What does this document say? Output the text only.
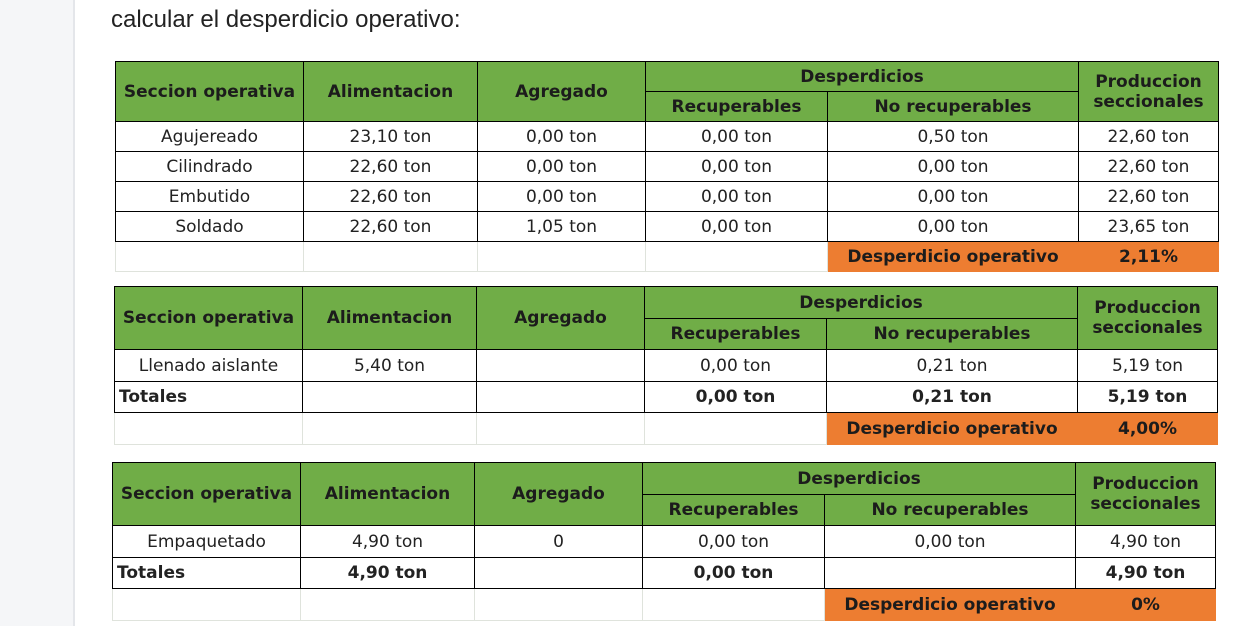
calcular el desperdicio operativo:
Seccion operativa	Alimentacion	Agregado	Desperdicios		Produccion
seccionales
			Recuperables	No recuperables	
Agujereado	23,10 ton	0,00 ton	0,00 ton	0,50 ton	22,60 ton
Cilindrado	22,60 ton	0,00 ton	0,00 ton	0,00 ton	22,60 ton
Embutido	22,60 ton	0,00 ton	0,00 ton	0,00 ton	22,60 ton
Soldado	22,60 ton	1,05 ton	0,00 ton	0,00 ton	23,65 ton
				Desperdicio operativo	2,11%
Seccion operativa	Alimentacion	Agregado	Desperdicios		Produccion
seccionales
			Recuperables	No recuperables	
Llenado aislante	5,40 ton		0,00 ton	0,21 ton	5,19 ton
Totales			0,00 ton	0,21 ton	5,19 ton
				Desperdicio operativo	4,00%
Seccion operativa	Alimentacion	Agregado	Desperdicios		Produccion
seccionales
			Recuperables	No recuperables	
Empaquetado	4,90 ton	0	0,00 ton	0,00 ton	4,90 ton
Totales	4,90 ton		0,00 ton		4,90 ton
				Desperdicio operativo	0%
